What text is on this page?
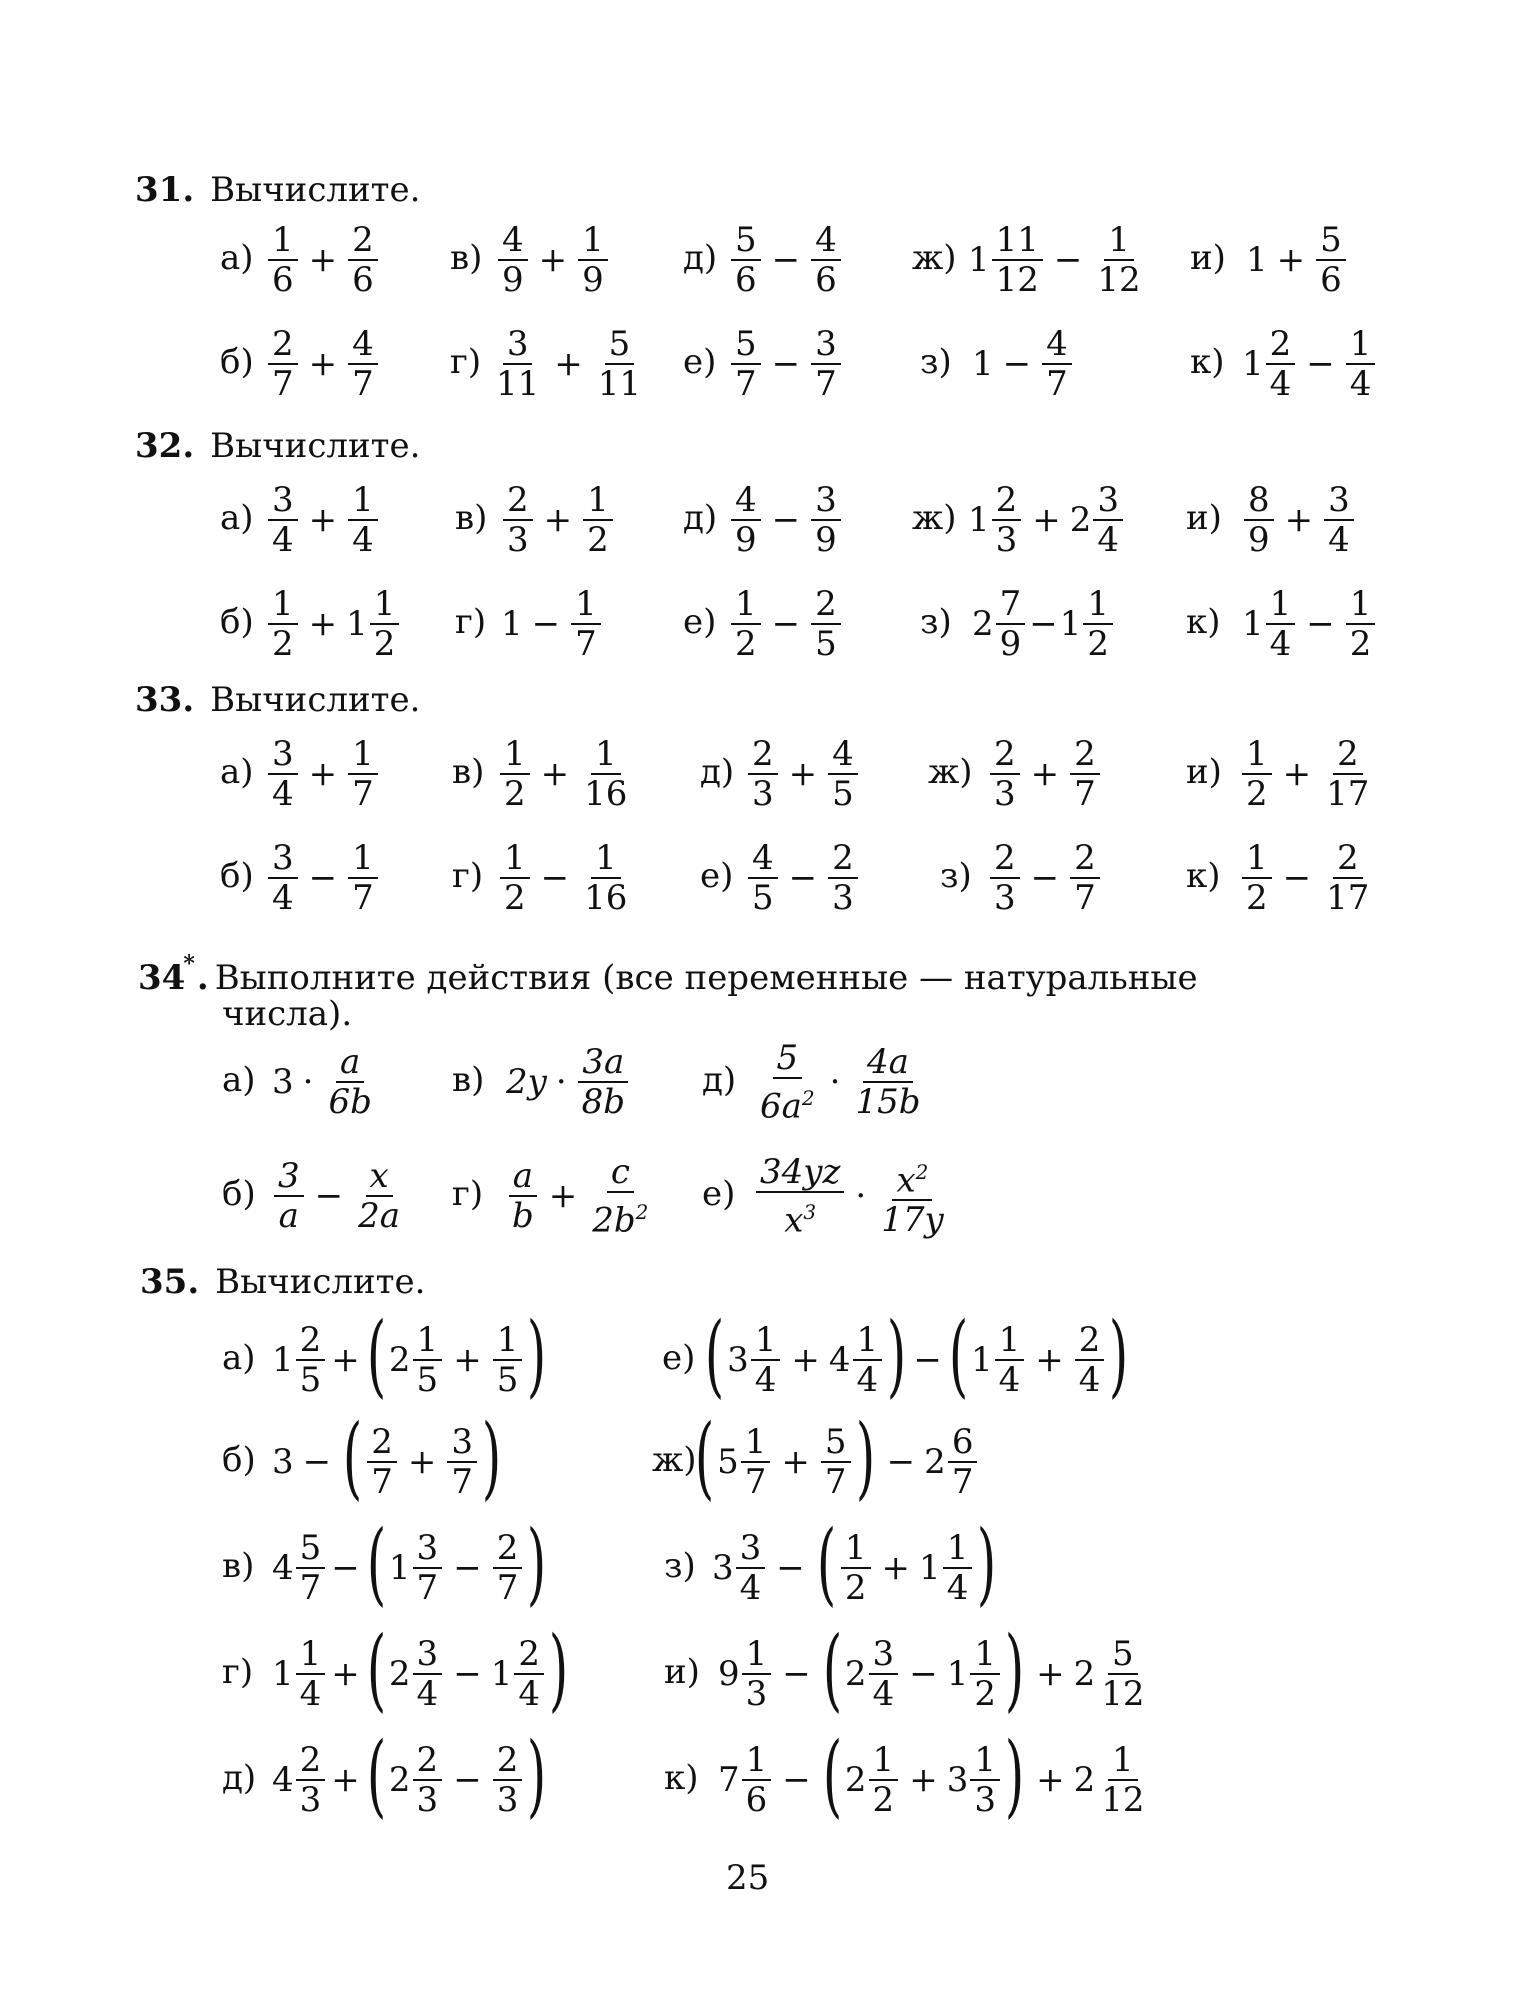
31. Вычислите.
а) 1
$6 + \frac{2}{6}$
б) 2
$7 + \frac{4}{7}$
в) 4
$9 + \frac{1}{9}$
г) 3
$11 + \frac{5}{11}$
д) 5
$6 - \frac{4}{6}$
е) 5
$7 - \frac{3}{7}$
ж) 1 11
$12 - \frac{1}{12}$
з) $1 - \frac{4}{7}$
и) $1 + \frac{5}{6}$
к) 1 2
$4 - \frac{1}{4}$
32. Вычислите.
а) 3
$4 + \frac{1}{4}$
б) 1
2 + 1 1
2
в) 2
$3 + \frac{1}{2}$
г) $1 - \frac{1}{7}$
д) 4
$9 - \frac{3}{9}$
е) 1
$2 - \frac{2}{5}$
ж) 1 2
3 + 2 3
4
з) 2 7
9 − 1 1
2
и) 8
$9 + \frac{3}{4}$
к) 1 1
$4 - \frac{1}{2}$
33. Вычислите.
а) 3
$4 + \frac{1}{7}$
б) 3
$4 - \frac{1}{7}$
в) 1
$2 + \frac{1}{16}$
г) 1
$2 - \frac{1}{16}$
д) 2
$3 + \frac{4}{5}$
е) 4
$5 - \frac{2}{3}$
ж) 2
$3 + \frac{2}{7}$
з) 2
$3 - \frac{2}{7}$
и) 1
$2 + \frac{2}{17}$
к) 1
$2 - \frac{2}{17}$
34*. Выполните действия (все переменные — натуральные
числа).
а) 3 · a
6b
б) 3
$a - \frac{x}{2a}$
в) 2y · 3a
8b
г) a
$b + \frac{c}{2b^2}$
д)
5
$6a^2 \cdot 4a$
15b
е)
34yz
$x^3 \cdot x^2$
17y
35. Вычислите.
а) 1 2
5 + ( 2 1
$5 + \frac{1}{5}$ )
б) 3 − ( 2
$7 + \frac{3}{7}$ )
в) 4 5
7 − ( 1 3
$7 - \frac{2}{7}$ )
г) 1 1
4 + ( 2 3
4 − 1 2
4 )
д) 4 2
3 + ( 2 2
$3 - \frac{2}{3}$ )
е) ( 3 1
4 + 4 1
4 ) − ( 1 1
$4 + \frac{2}{4}$ )
ж)
( 5 1
$7 + \frac{5}{7}$ ) − 2 6
7
з) 3 3
4 − ( 1
2 + 1 1
4 )
и) 9 1
3 − ( 2 3
4 − 1 1
2 ) + 2 5
12
к) 7 1
6 − ( 2 1
2 + 3 1
3 ) + 2 1
12
25
